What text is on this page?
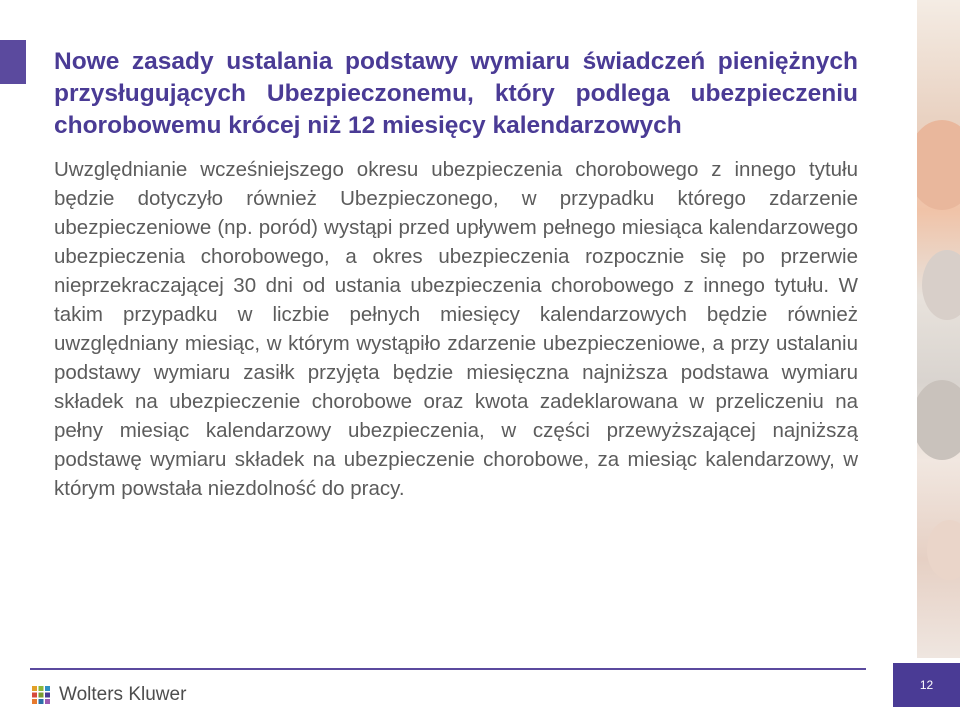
Nowe zasady ustalania podstawy wymiaru świadczeń pieniężnych przysługujących Ubezpieczonemu, który podlega ubezpieczeniu chorobowemu krócej niż 12 miesięcy kalendarzowych

Uwzględnianie wcześniejszego okresu ubezpieczenia chorobowego z innego tytułu będzie dotyczyło również Ubezpieczonego, w przypadku którego zdarzenie ubezpieczeniowe (np. poród) wystąpi przed upływem pełnego miesiąca kalendarzowego ubezpieczenia chorobowego, a okres ubezpieczenia rozpocznie się po przerwie nieprzekraczającej 30 dni od ustania ubezpieczenia chorobowego z innego tytułu. W takim przypadku w liczbie pełnych miesięcy kalendarzowych będzie również uwzględniany miesiąc, w którym wystąpiło zdarzenie ubezpieczeniowe, a przy ustalaniu podstawy wymiaru zasiłk przyjęta będzie miesięczna najniższa podstawa wymiaru składek na ubezpieczenie chorobowe oraz kwota zadeklarowana w przeliczeniu na pełny miesiąc kalendarzowy ubezpieczenia, w części przewyższającej najniższą podstawę wymiaru składek na ubezpieczenie chorobowe, za miesiąc kalendarzowy, w którym powstała niezdolność do pracy.

Wolters Kluwer	12
